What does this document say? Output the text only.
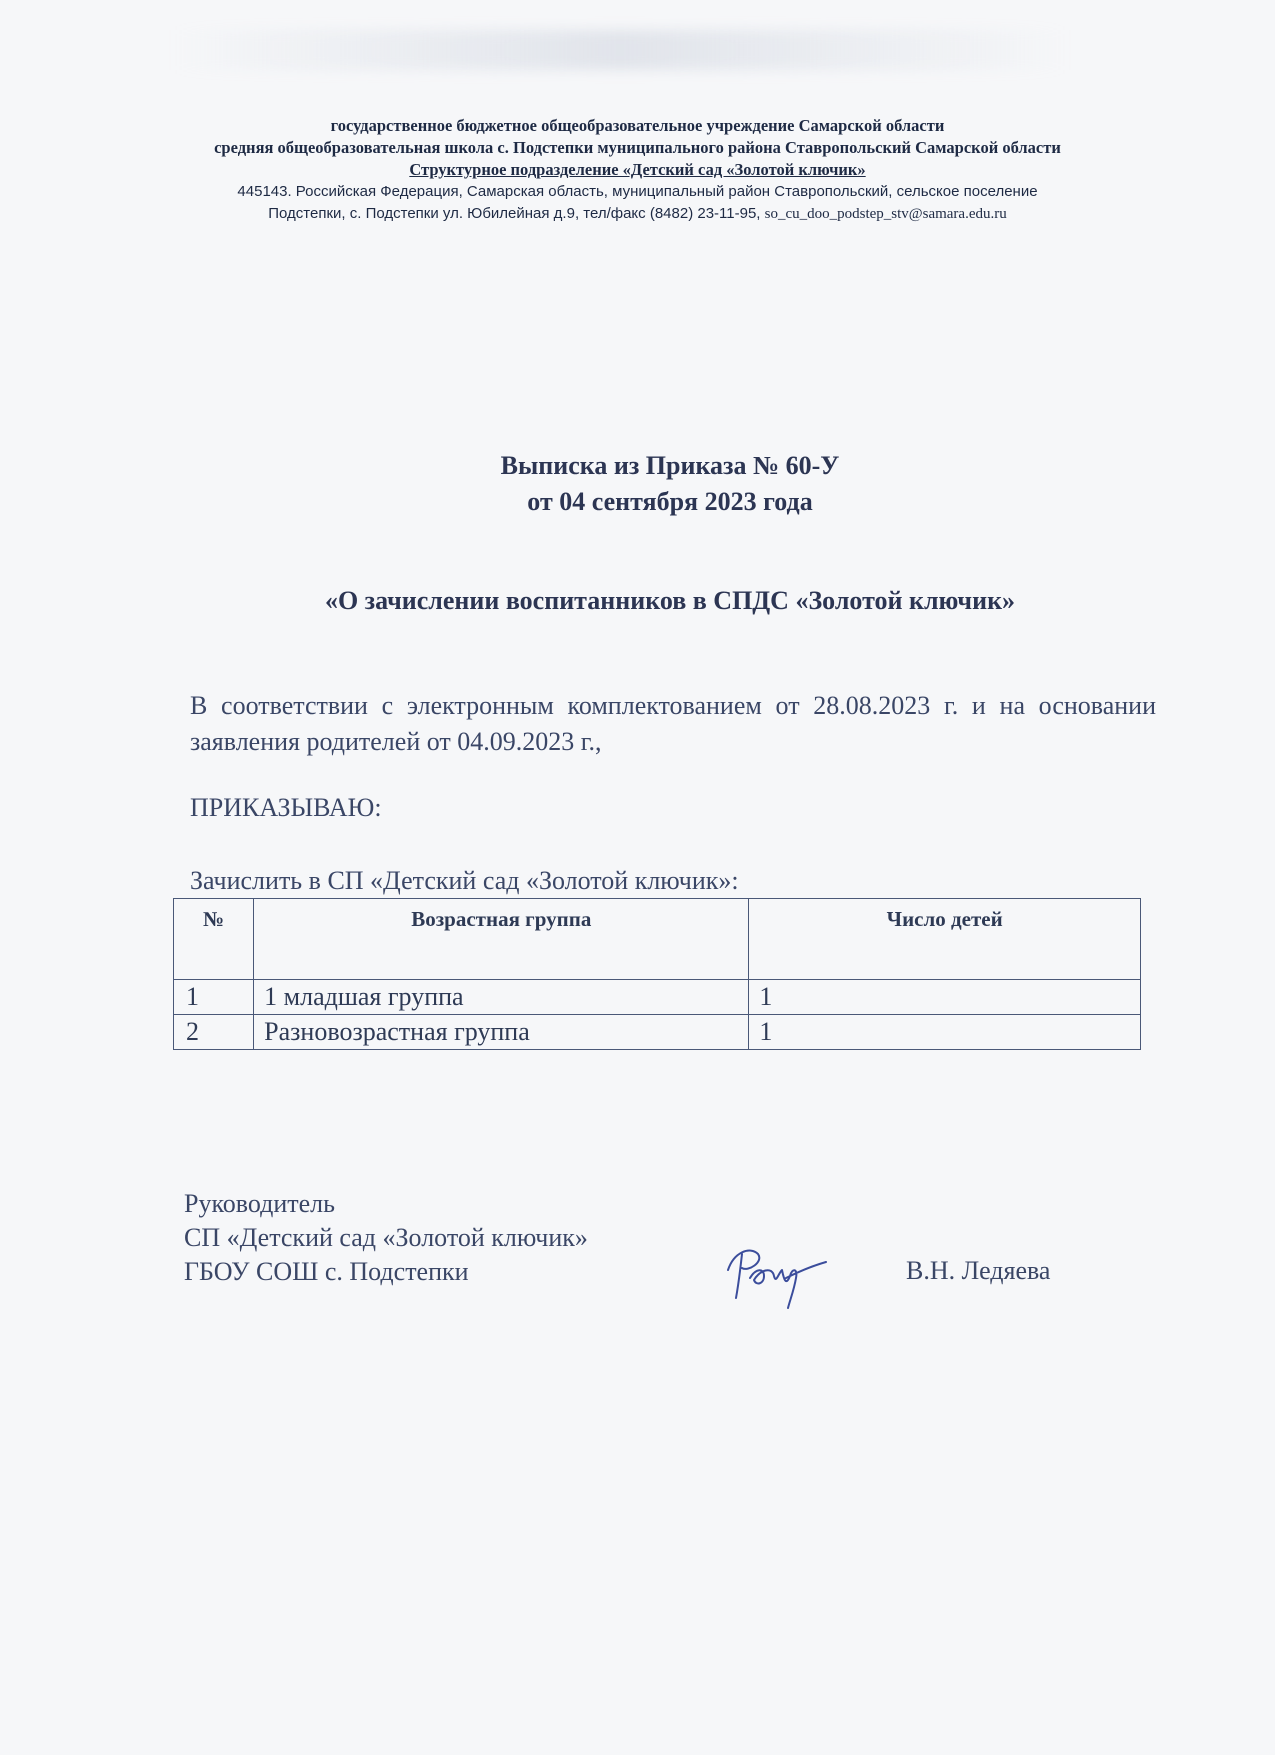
государственное бюджетное общеобразовательное учреждение Самарской области
средняя общеобразовательная школа с. Подстепки муниципального района Ставропольский Самарской области
Структурное подразделение «Детский сад «Золотой ключик»
445143. Российская Федерация, Самарская область, муниципальный район Ставропольский, сельское поселение
Подстепки, с. Подстепки ул. Юбилейная д.9, тел/факс (8482) 23-11-95, so_cu_doo_podstep_stv@samara.edu.ru
Выписка из Приказа № 60-У
от 04 сентября 2023 года
«О зачислении воспитанников в СПДС «Золотой ключик»
В соответствии с электронным комплектованием от 28.08.2023 г. и на основании заявления родителей от 04.09.2023 г.,
ПРИКАЗЫВАЮ:
Зачислить в СП «Детский сад «Золотой ключик»:
№	Возрастная группа	Число детей
1	1 младшая группа	1
2	Разновозрастная группа	1
Руководитель
СП «Детский сад «Золотой ключик»
ГБОУ СОШ с. Подстепки	В.Н. Ледяева
